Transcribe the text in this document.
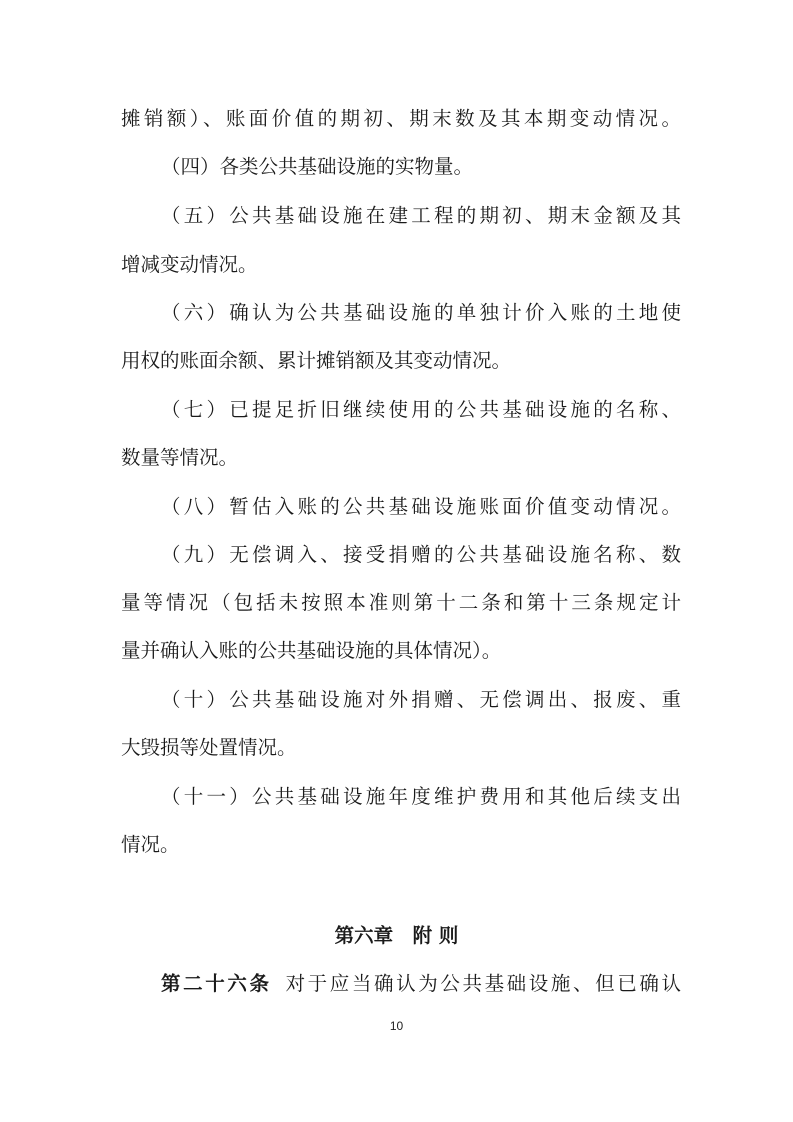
摊销额）、账面价值的期初、期末数及其本期变动情况。
（四）各类公共基础设施的实物量。
（五）公共基础设施在建工程的期初、期末金额及其
增减变动情况。
（六）确认为公共基础设施的单独计价入账的土地使
用权的账面余额、累计摊销额及其变动情况。
（七）已提足折旧继续使用的公共基础设施的名称、
数量等情况。
（八）暂估入账的公共基础设施账面价值变动情况。
（九）无偿调入、接受捐赠的公共基础设施名称、数
量等情况（包括未按照本准则第十二条和第十三条规定计
量并确认入账的公共基础设施的具体情况）。
（十）公共基础设施对外捐赠、无偿调出、报废、重
大毁损等处置情况。
（十一）公共基础设施年度维护费用和其他后续支出
情况。
第六章　附 则
第二十六条 对于应当确认为公共基础设施、但已确认
10
